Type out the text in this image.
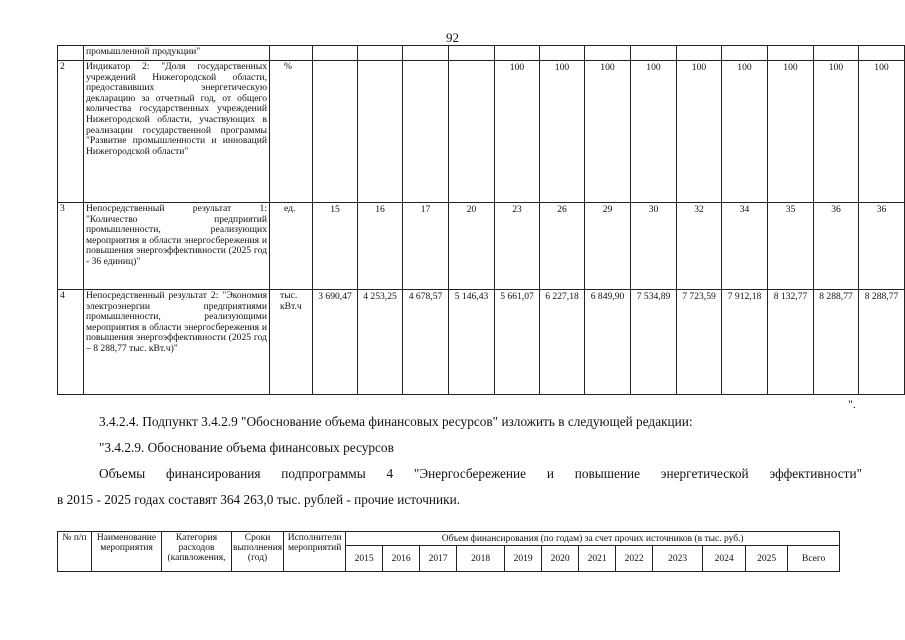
92
	промышленной продукции"														
2	Индикатор 2: "Доля государственных учреждений Нижегородской области, предоставивших энергетическую декларацию за отчетный год, от общего количества государственных учреждений Нижегородской области, участвующих в реализации государственной программы "Развитие промышленности и инноваций Нижегородской области"	%					100	100	100	100	100	100	100	100	100
3	Непосредственный результат 1: "Количество предприятий промышленности, реализующих мероприятия в области энергосбережения и повышения энергоэффективности (2025 год - 36 единиц)"	ед.	15	16	17	20	23	26	29	30	32	34	35	36	36
4	Непосредственный результат 2: "Экономия электроэнергии предприятиями промышленности, реализующими мероприятия в области энергосбережения и повышения энергоэффективности (2025 год – 8 288,77 тыс. кВт.ч)"	тыс. кВт.ч	3 690,47	4 253,25	4 678,57	5 146,43	5 661,07	6 227,18	6 849,90	7 534,89	7 723,59	7 912,18	8 132,77	8 288,77	8 288,77
".
3.4.2.4. Подпункт 3.4.2.9 "Обоснование объема финансовых ресурсов" изложить в следующей редакции:
"3.4.2.9. Обоснование объема финансовых ресурсов
Объемы финансирования подпрограммы 4 "Энергосбережение и повышение энергетической эффективности"
в 2015 - 2025 годах составят 364 263,0 тыс. рублей - прочие источники.
№ п/п	Наименование мероприятия	Категория расходов (капвложения,	Сроки выполнения (год)	Исполнители мероприятий	Объем финансирования (по годам) за счет прочих источников (в тыс. руб.)											
					2015	2016	2017	2018	2019	2020	2021	2022	2023	2024	2025	Всего
